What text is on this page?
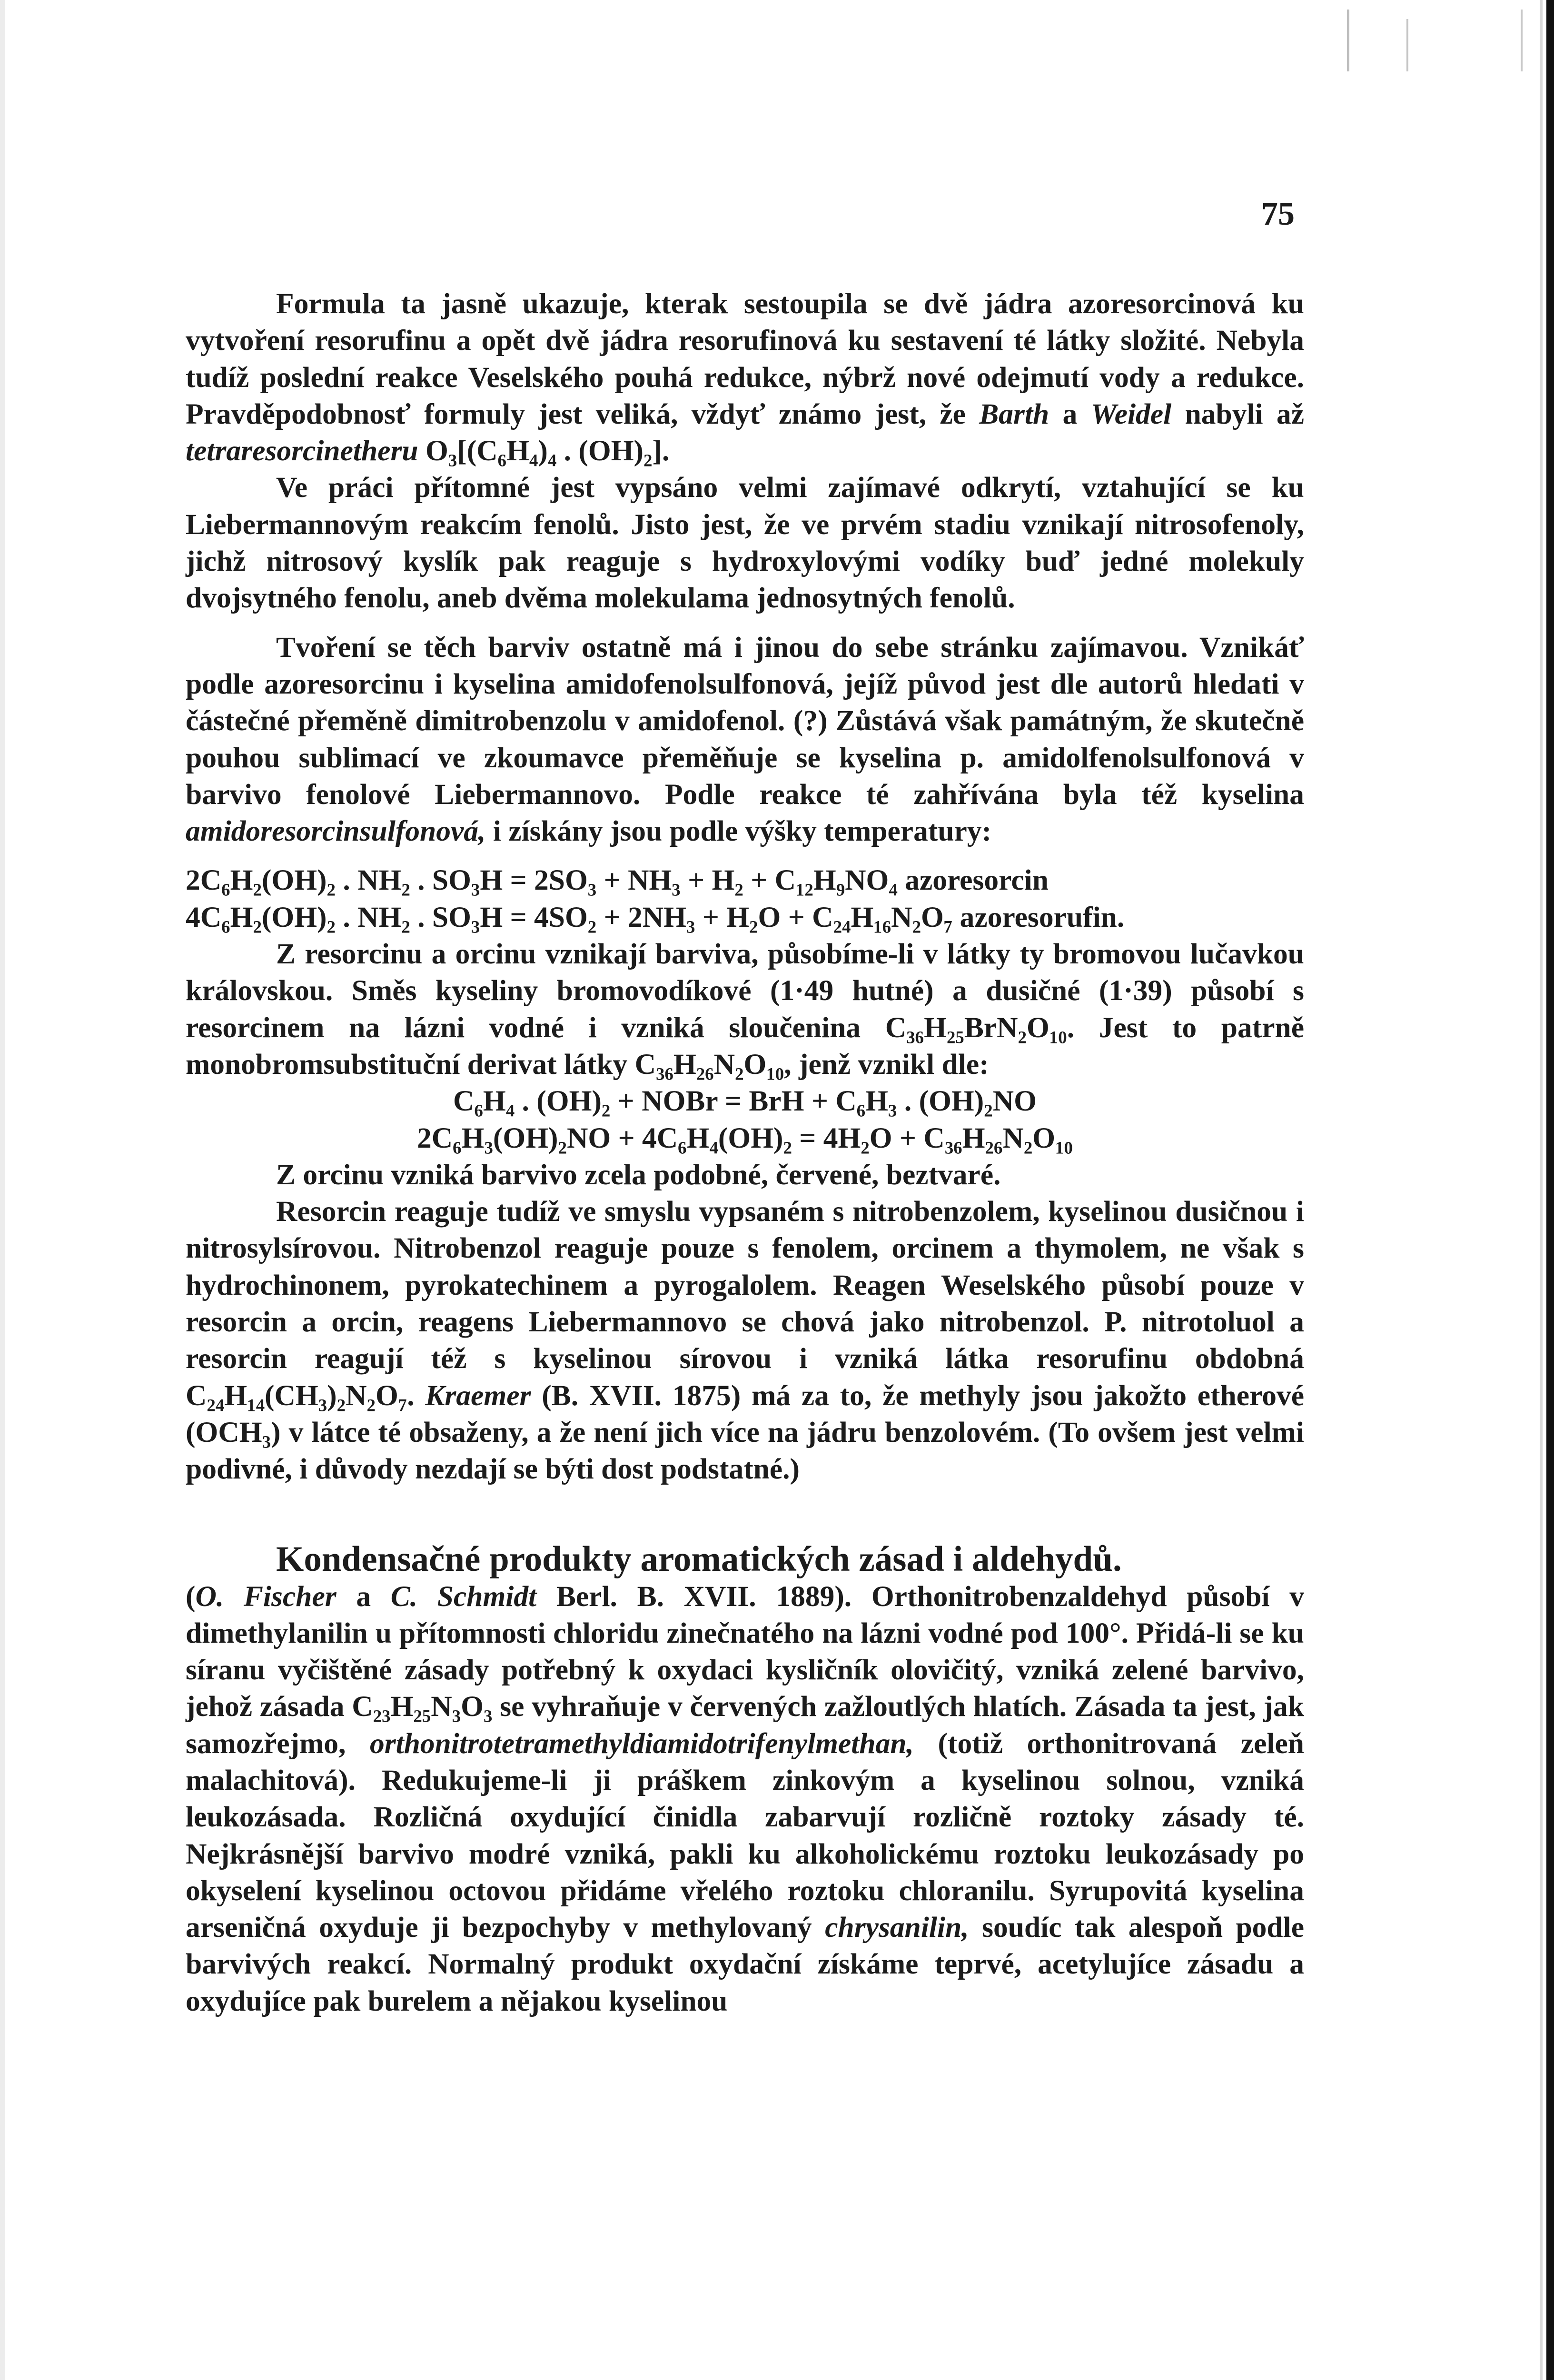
75

Formula ta jasně ukazuje, kterak sestoupila se dvě jádra azoresorcinová ku vytvoření resorufinu a opět dvě jádra resorufinová ku sestavení té látky složité. Nebyla tudíž poslední reakce Veselského pouhá redukce, nýbrž nové odejmutí vody a redukce. Pravděpodobnosť formuly jest veliká, vždyť známo jest, že Barth a Weidel nabyli až tetraresorcinetheru O₃[(C₆H₄)₄ . (OH)₂].

Ve práci přítomné jest vypsáno velmi zajímavé odkrytí, vztahující se ku Liebermannovým reakcím fenolů. Jisto jest, že ve prvém stadiu vznikají nitrosofenoly, jichž nitrosový kyslík pak reaguje s hydroxylovými vodíky buď jedné molekuly dvojsytného fenolu, aneb dvěma molekulama jednosytných fenolů.

Tvoření se těch barviv ostatně má i jinou do sebe stránku zajímavou. Vznikáť podle azoresorcinu i kyselina amidofenolsulfonová, jejíž původ jest dle autorů hledati v částečné přeměně dimitrobenzolu v amidofenol. (?) Zůstává však památným, že skutečně pouhou sublimací ve zkoumavce přeměňuje se kyselina p. amidolfenolsulfonová v barvivo fenolové Liebermannovo. Podle reakce té zahřívána byla též kyselina amidoresorcinsulfonová, i získány jsou podle výšky temperatury:

2C₆H₂(OH)₂ . NH₂ . SO₃H = 2SO₃ + NH₃ + H₂ + C₁₂H₉NO₄ azoresorcin

4C₆H₂(OH)₂ . NH₂ . SO₃H = 4SO₂ + 2NH₃ + H₂O + C₂₄H₁₆N₂O₇ azoresorufin.

Z resorcinu a orcinu vznikají barviva, působíme-li v látky ty bromovou lučavkou královskou. Směs kyseliny bromovodíkové (1·49 hutné) a dusičné (1·39) působí s resorcinem na lázni vodné i vzniká sloučenina C₃₆H₂₅BrN₂O₁₀. Jest to patrně monobromsubstituční derivat látky C₃₆H₂₆N₂O₁₀, jenž vznikl dle:

C₆H₄ . (OH)₂ + NOBr = BrH + C₆H₃ . (OH)₂NO

2C₆H₃(OH)₂NO + 4C₆H₄(OH)₂ = 4H₂O + C₃₆H₂₆N₂O₁₀

Z orcinu vzniká barvivo zcela podobné, červené, beztvaré.

Resorcin reaguje tudíž ve smyslu vypsaném s nitrobenzolem, kyselinou dusičnou i nitrosylsírovou. Nitrobenzol reaguje pouze s fenolem, orcinem a thymolem, ne však s hydrochinonem, pyrokatechinem a pyrogalolem. Reagen Weselského působí pouze v resorcin a orcin, reagens Liebermannovo se chová jako nitrobenzol. P. nitrotoluol a resorcin reagují též s kyselinou sírovou i vzniká látka resorufinu obdobná C₂₄H₁₄(CH₃)₂N₂O₇. Kraemer (B. XVII. 1875) má za to, že methyly jsou jakožto etherové (OCH₃) v látce té obsaženy, a že není jich více na jádru benzolovém. (To ovšem jest velmi podivné, i důvody nezdají se býti dost podstatné.)

Kondensačné produkty aromatických zásad i aldehydů.

(O. Fischer a C. Schmidt Berl. B. XVII. 1889). Orthonitrobenzaldehyd působí v dimethylanilin u přítomnosti chloridu zinečnatého na lázni vodné pod 100°. Přidá-li se ku síranu vyčištěné zásady potřebný k oxydaci kysličník olovičitý, vzniká zelené barvivo, jehož zásada C₂₃H₂₅N₃O₃ se vyhraňuje v červených zažloutlých hlatích. Zásada ta jest, jak samozřejmo, orthonitrotetramethyldiamidotrifenylmethan, (totiž orthonitrovaná zeleň malachitová). Redukujeme-li ji práškem zinkovým a kyselinou solnou, vzniká leukozásada. Rozličná oxydující činidla zabarvují rozličně roztoky zásady té. Nejkrásnější barvivo modré vzniká, pakli ku alkoholickému roztoku leukozásady po okyselení kyselinou octovou přidáme vřelého roztoku chloranilu. Syrupovitá kyselina arseničná oxyduje ji bezpochyby v methylovaný chrysanilin, soudíc tak alespoň podle barvivých reakcí. Normalný produkt oxydační získáme teprvé, acetylujíce zásadu a oxydujíce pak burelem a nějakou kyselinou
